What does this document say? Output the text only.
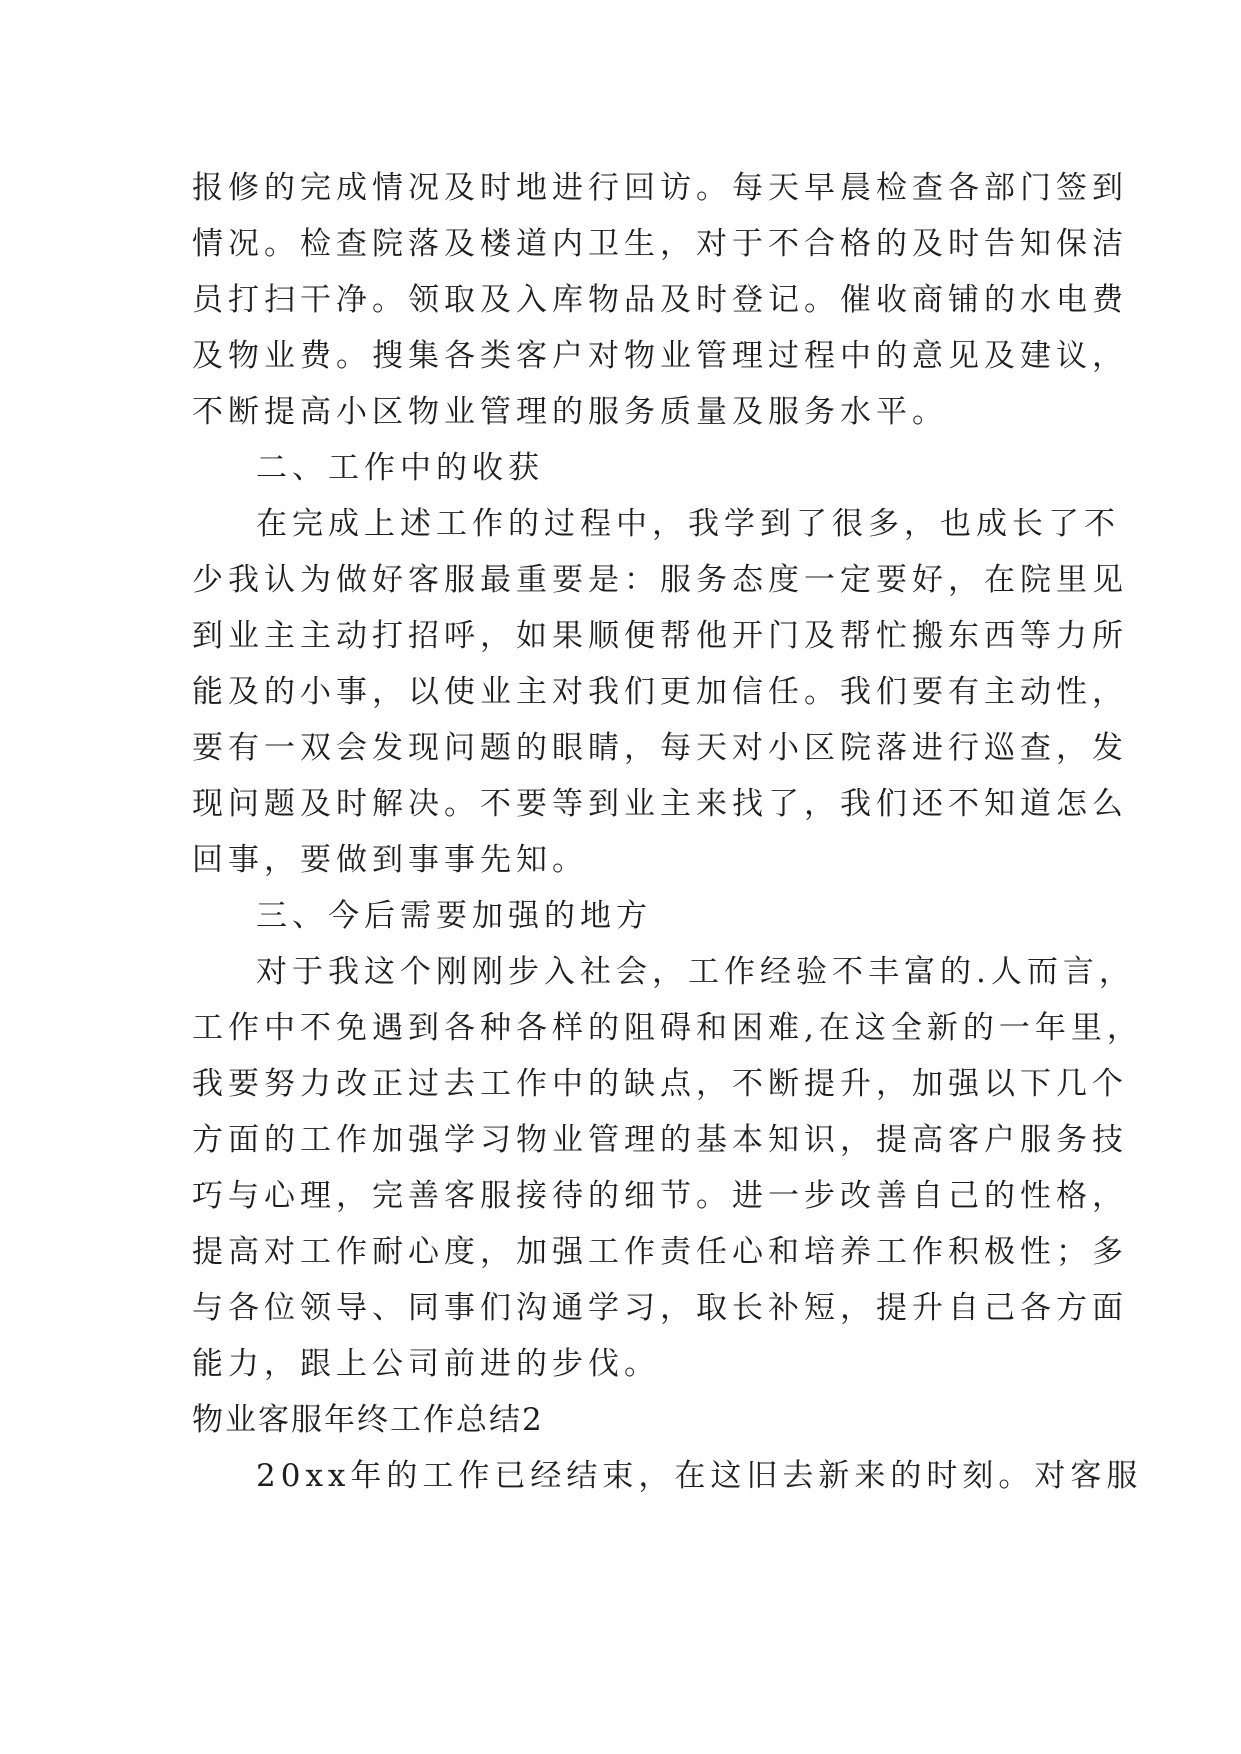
报修的完成情况及时地进行回访。每天早晨检查各部门签到
情况。检查院落及楼道内卫生，对于不合格的及时告知保洁
员打扫干净。领取及入库物品及时登记。催收商铺的水电费
及物业费。搜集各类客户对物业管理过程中的意见及建议，
不断提高小区物业管理的服务质量及服务水平。
二、工作中的收获
在完成上述工作的过程中，我学到了很多，也成长了不
少我认为做好客服最重要是：服务态度一定要好，在院里见
到业主主动打招呼，如果顺便帮他开门及帮忙搬东西等力所
能及的小事，以使业主对我们更加信任。我们要有主动性，
要有一双会发现问题的眼睛，每天对小区院落进行巡查，发
现问题及时解决。不要等到业主来找了，我们还不知道怎么
回事，要做到事事先知。
三、今后需要加强的地方
对于我这个刚刚步入社会，工作经验不丰富的.人而言，
工作中不免遇到各种各样的阻碍和困难,在这全新的一年里，
我要努力改正过去工作中的缺点，不断提升，加强以下几个
方面的工作加强学习物业管理的基本知识，提高客户服务技
巧与心理，完善客服接待的细节。进一步改善自己的性格，
提高对工作耐心度，加强工作责任心和培养工作积极性；多
与各位领导、同事们沟通学习，取长补短，提升自己各方面
能力，跟上公司前进的步伐。
物业客服年终工作总结2
20xx年的工作已经结束，在这旧去新来的时刻。对客服
